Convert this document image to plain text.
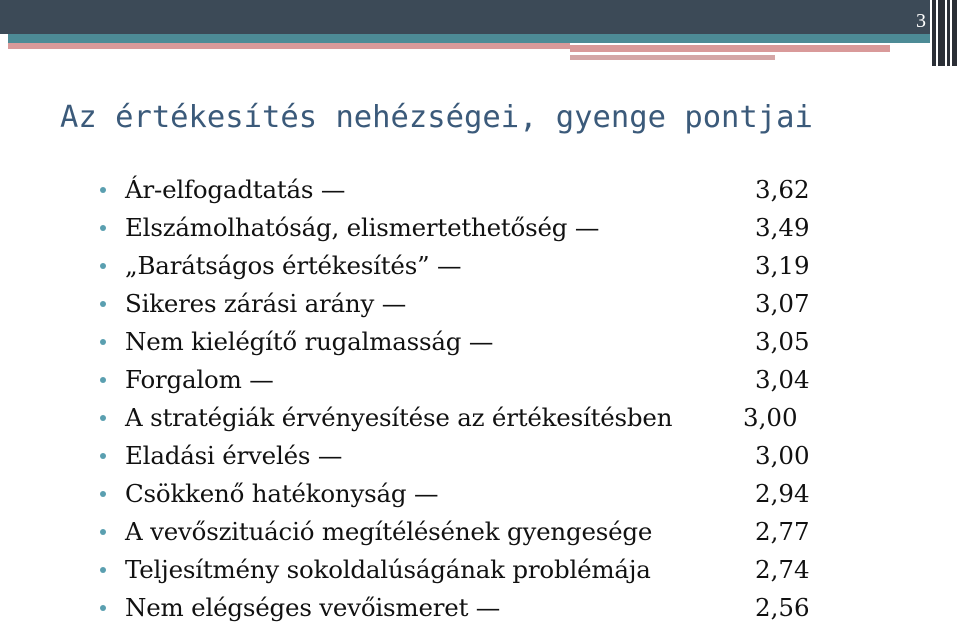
3
Az értékesítés nehézségei, gyenge pontjai
Ár-elfogadtatás —	3,62
Elszámolhatóság, elismertethetőség —	3,49
„Barátságos értékesítés” —	3,19
Sikeres zárási arány —	3,07
Nem kielégítő rugalmasság —	3,05
Forgalom —	3,04
A stratégiák érvényesítése az értékesítésben	3,00
Eladási érvelés —	3,00
Csökkenő hatékonyság —	2,94
A vevőszituáció megítélésének gyengesége	2,77
Teljesítmény sokoldalúságának problémája	2,74
Nem elégséges vevőismeret —	2,56
